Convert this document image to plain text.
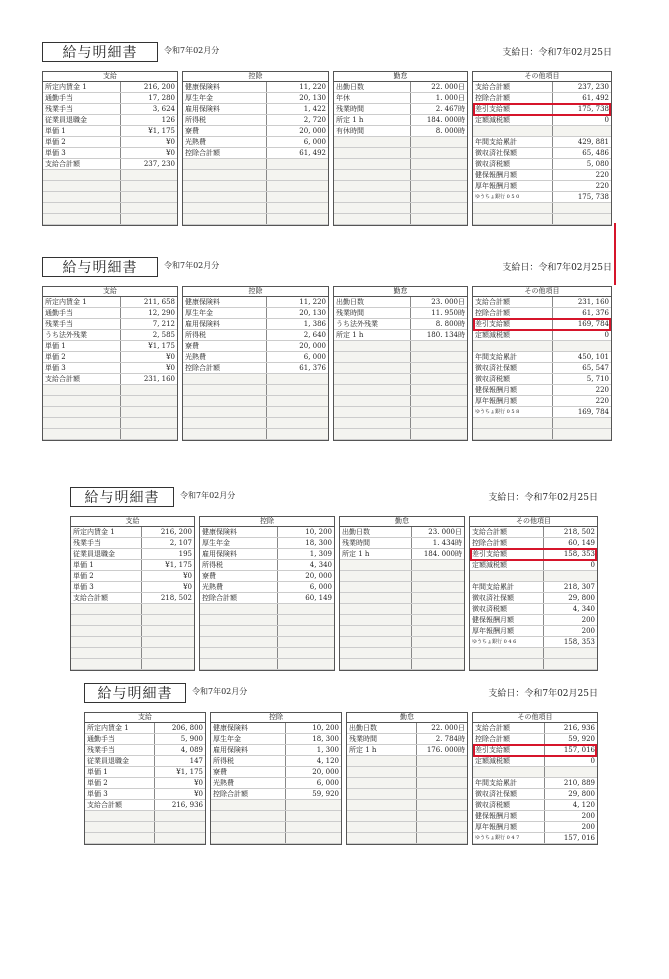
給与明細書	令和7年02月分	支給日：令和7年02月25日
支給
所定内賃金 1	216, 200
通勤手当	17, 280
残業手当	3, 624
従業員退職金	126
単価 1	¥1, 175
単価 2	¥0
単価 3	¥0
支給合計額	237, 230
控除
健康保険料	11, 220
厚生年金	20, 130
雇用保険料	1, 422
所得税	2, 720
寮費	20, 000
光熱費	6, 000
控除合計額	61, 492
勤怠
出勤日数	22. 000日
年休	1. 000日
残業時間	2. 467時
所定 1 h	184. 000時
有休時間	8. 000時
その他項目
支給合計額	237, 230
控除合計額	61, 492
差引支給額	175, 738
定額減税額	0
年間支給累計	429, 881
徴収済社保額	65, 486
徴収済税額	5, 080
健保報酬月額	220
厚年報酬月額	220
ゆうちょ銀行 0 5 0	175, 738
給与明細書	令和7年02月分	支給日：令和7年02月25日
支給
所定内賃金 1	211, 658
通勤手当	12, 290
残業手当	7, 212
うち法外残業	2, 585
単価 1	¥1, 175
単価 2	¥0
単価 3	¥0
支給合計額	231, 160
控除
健康保険料	11, 220
厚生年金	20, 130
雇用保険料	1, 386
所得税	2, 640
寮費	20, 000
光熱費	6, 000
控除合計額	61, 376
勤怠
出勤日数	23. 000日
残業時間	11. 950時
うち法外残業	8. 800時
所定 1 h	180. 134時
その他項目
支給合計額	231, 160
控除合計額	61, 376
差引支給額	169, 784
定額減税額	0
年間支給累計	450, 101
徴収済社保額	65, 547
徴収済税額	5, 710
健保報酬月額	220
厚年報酬月額	220
ゆうちょ銀行 0 5 8	169, 784
給与明細書	令和7年02月分	支給日：令和7年02月25日
支給
所定内賃金 1	216, 200
残業手当	2, 107
従業員退職金	195
単価 1	¥1, 175
単価 2	¥0
単価 3	¥0
支給合計額	218, 502
控除
健康保険料	10, 200
厚生年金	18, 300
雇用保険料	1, 309
所得税	4, 340
寮費	20, 000
光熱費	6, 000
控除合計額	60, 149
勤怠
出勤日数	23. 000日
残業時間	1. 434時
所定 1 h	184. 000時
その他項目
支給合計額	218, 502
控除合計額	60, 149
差引支給額	158, 353
定額減税額	0
年間支給累計	218, 307
徴収済社保額	29, 800
徴収済税額	4, 340
健保報酬月額	200
厚年報酬月額	200
ゆうちょ銀行 0 4 6	158, 353
給与明細書	令和7年02月分	支給日：令和7年02月25日
支給
所定内賃金 1	206, 800
通勤手当	5, 900
残業手当	4, 089
従業員退職金	147
単価 1	¥1, 175
単価 2	¥0
単価 3	¥0
支給合計額	216, 936
控除
健康保険料	10, 200
厚生年金	18, 300
雇用保険料	1, 300
所得税	4, 120
寮費	20, 000
光熱費	6, 000
控除合計額	59, 920
勤怠
出勤日数	22. 000日
残業時間	2. 784時
所定 1 h	176. 000時
その他項目
支給合計額	216, 936
控除合計額	59, 920
差引支給額	157, 016
定額減税額	0
年間支給累計	210, 889
徴収済社保額	29, 800
徴収済税額	4, 120
健保報酬月額	200
厚年報酬月額	200
ゆうちょ銀行 0 4 7	157, 016
